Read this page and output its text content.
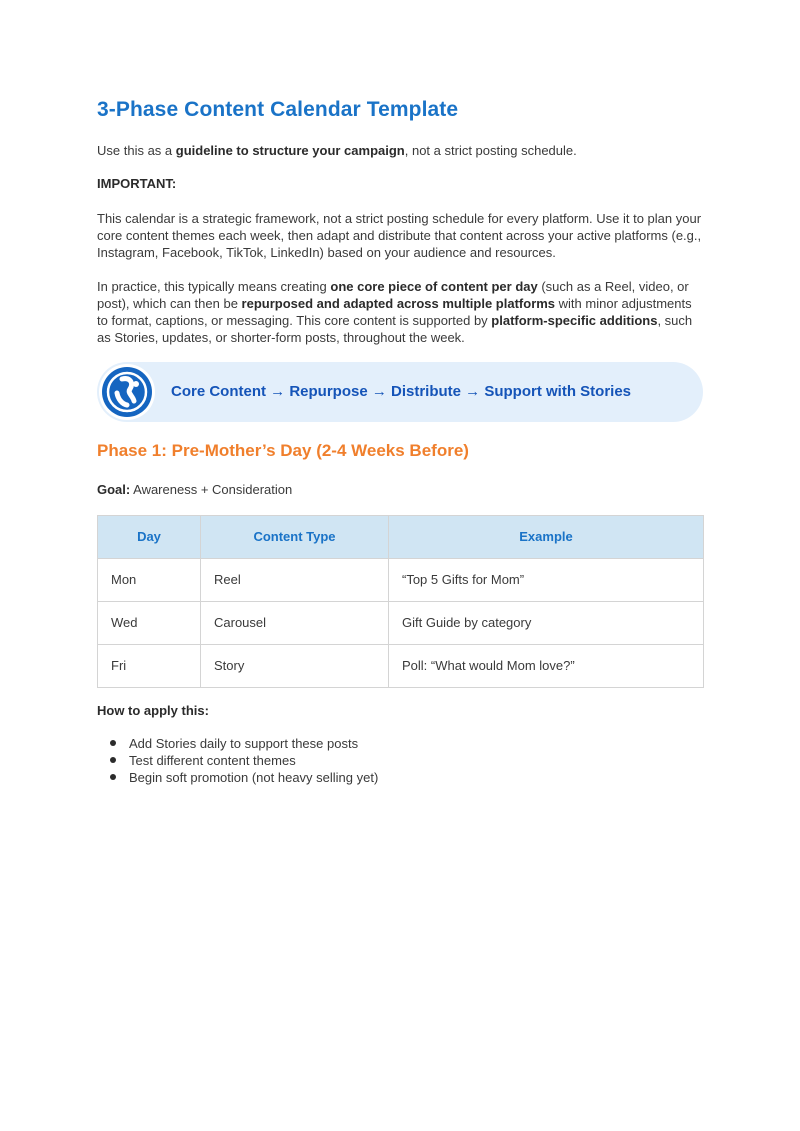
3-Phase Content Calendar Template

Use this as a guideline to structure your campaign, not a strict posting schedule.

IMPORTANT:

This calendar is a strategic framework, not a strict posting schedule for every platform. Use it to plan your core content themes each week, then adapt and distribute that content across your active platforms (e.g., Instagram, Facebook, TikTok, LinkedIn) based on your audience and resources.

In practice, this typically means creating one core piece of content per day (such as a Reel, video, or post), which can then be repurposed and adapted across multiple platforms with minor adjustments to format, captions, or messaging. This core content is supported by platform-specific additions, such as Stories, updates, or shorter-form posts, throughout the week.

Core Content → Repurpose → Distribute → Support with Stories
Phase 1: Pre-Mother’s Day (2-4 Weeks Before)

Goal: Awareness + Consideration

Day	Content Type	Example
Mon	Reel	“Top 5 Gifts for Mom”
Wed	Carousel	Gift Guide by category
Fri	Story	Poll: “What would Mom love?”

How to apply this:

Add Stories daily to support these posts
Test different content themes
Begin soft promotion (not heavy selling yet)
